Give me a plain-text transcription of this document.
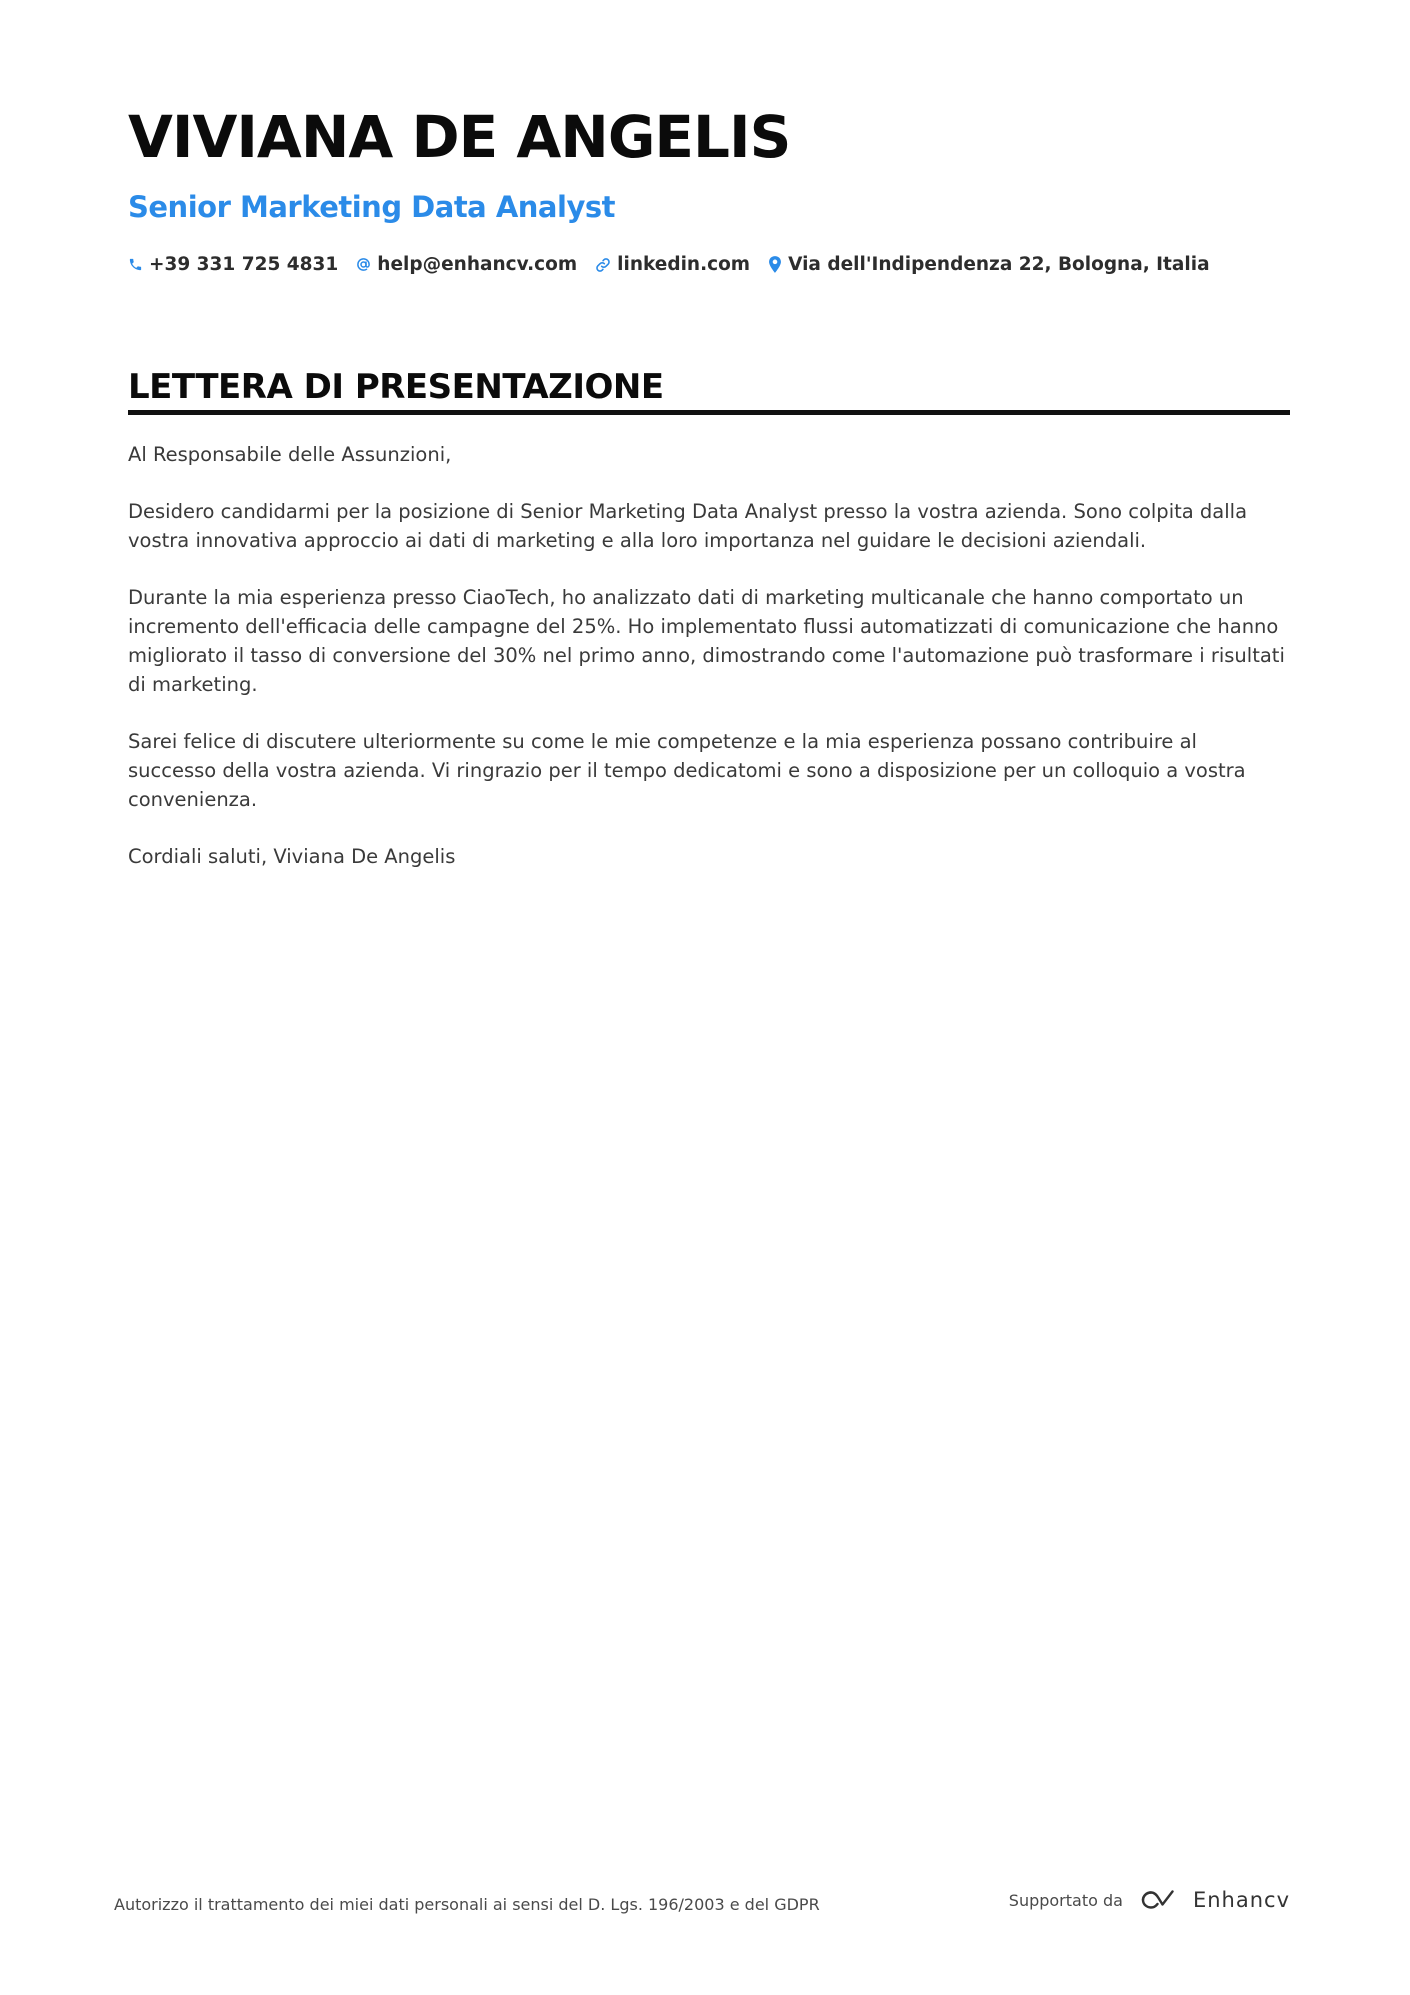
VIVIANA DE ANGELIS
Senior Marketing Data Analyst
+39 331 725 4831 help@enhancv.com linkedin.com Via dell'Indipendenza 22, Bologna, Italia
LETTERA DI PRESENTAZIONE

Al Responsabile delle Assunzioni,

Desidero candidarmi per la posizione di Senior Marketing Data Analyst presso la vostra azienda. Sono colpita dalla vostra innovativa approccio ai dati di marketing e alla loro importanza nel guidare le decisioni aziendali.

Durante la mia esperienza presso CiaoTech, ho analizzato dati di marketing multicanale che hanno comportato un incremento dell'efficacia delle campagne del 25%. Ho implementato flussi automatizzati di comunicazione che hanno migliorato il tasso di conversione del 30% nel primo anno, dimostrando come l'automazione può trasformare i risultati di marketing.

Sarei felice di discutere ulteriormente su come le mie competenze e la mia esperienza possano contribuire al successo della vostra azienda. Vi ringrazio per il tempo dedicatomi e sono a disposizione per un colloquio a vostra convenienza.

Cordiali saluti, Viviana De Angelis

Autorizzo il trattamento dei miei dati personali ai sensi del D. Lgs. 196/2003 e del GDPR	Supportato da	Enhancv
